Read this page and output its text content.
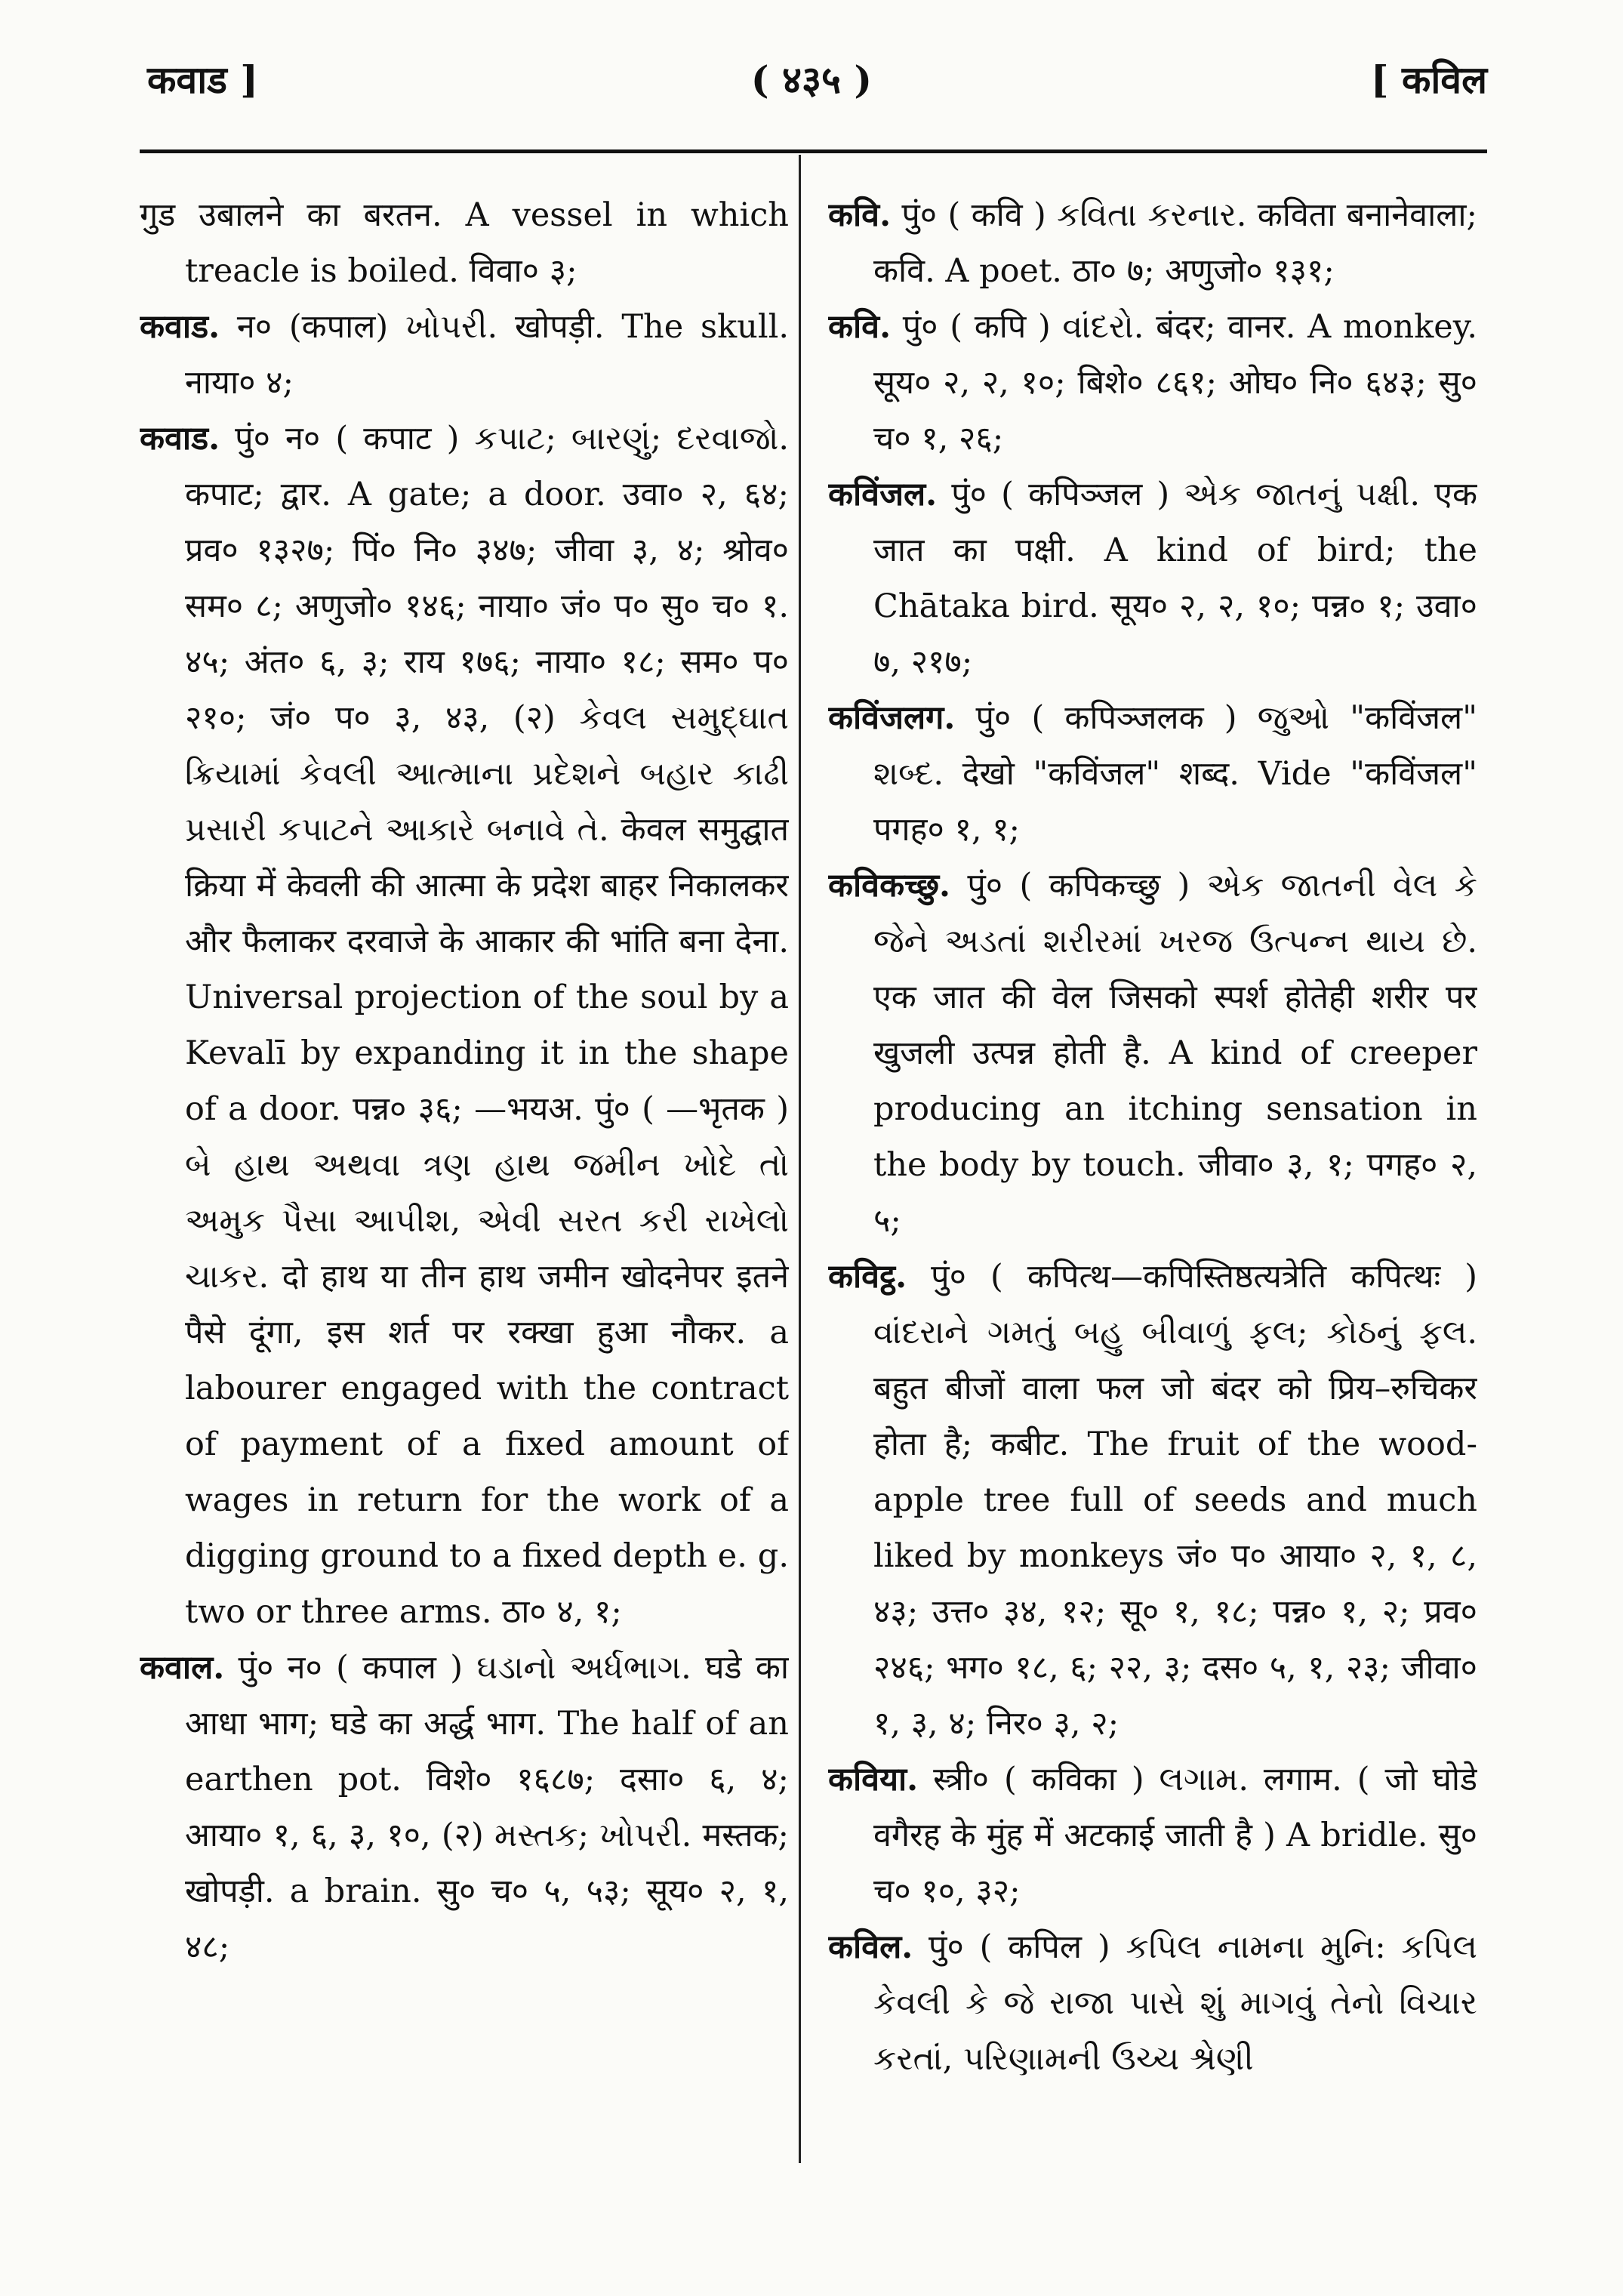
कवाड ]	( ४३५ )	[ कविल

गुड उबालने का बरतन. A vessel in which treacle is boiled. विवा० ३;

कवाड. न० (कपाल) ખોપરી. खोपड़ी. The skull. नाया० ४;

कवाड. पुं० न० ( कपाट ) કપાટ; બારણું; દરવાજો. कपाट; द्वार. A gate; a door. उवा० २, ६४; प्रव० १३२७; पिं० नि० ३४७; जीवा ३, ४; श्रोव० सम० ८; अणुजो० १४६; नाया० जं० प० सु० च० १. ४५; अंत० ६, ३; राय १७६; नाया० १८; सम० प० २१०; जं० प० ३, ४३, (२) કેવલ સમુદ્ઘાત ક્રિયામાં કેવલી આત્માના પ્રદેશને બહાર કાઢી પ્રસારી કપાટને આકારે બનાવે તે. केवल समुद्घात क्रिया में केवली की आत्मा के प्रदेश बाहर निकालकर और फैलाकर दरवाजे के आकार की भांति बना देना. Universal projection of the soul by a Kevalī by expanding it in the shape of a door. पन्न० ३६; —भयअ. पुं० ( —भृतक ) બે હાથ અથવા ત્રણ હાથ જમીન ખોદે તો અમુક પૈસા આપીશ, એવી સરત કરી રાખેલો ચાકર. दो हाथ या तीन हाथ जमीन खोदनेपर इतने पैसे दूंगा, इस शर्त पर रक्खा हुआ नौकर. a labourer engaged with the contract of payment of a fixed amount of wages in return for the work of a digging ground to a fixed depth e. g. two or three arms. ठा० ४, १;

कवाल. पुं० न० ( कपाल ) ઘડાનો અર્ધભાગ. घडे का आधा भाग; घडे का अर्द्ध भाग. The half of an earthen pot. विशे० १६८७; दसा० ६, ४; आया० १, ६, ३, १०, (२) મસ્તક; ખોપરી. मस्तक; खोपड़ी. a brain. सु० च० ५, ५३; सूय० २, १, ४८;

कवि. पुं० ( कवि ) કવિતા કરનાર. कविता बनानेवाला; कवि. A poet. ठा० ७; अणुजो० १३१;

कवि. पुं० ( कपि ) વાંદરો. बंदर; वानर. A monkey. सूय० २, २, १०; बिशे० ८६१; ओघ० नि० ६४३; सु० च० १, २६;

कविंजल. पुं० ( कपिञ्जल ) એક જાતનું પક્ષી. एक जात का पक्षी. A kind of bird; the Chātaka bird. सूय० २, २, १०; पन्न० १; उवा० ७, २१७;

कविंजलग. पुं० ( कपिञ्जलक ) જુઓ "कविंजल" શબ્દ. देखो "कविंजल" शब्द. Vide "कविंजल" पगह० १, १;

कविकच्छु. पुं० ( कपिकच्छु ) એક જાતની વેલ કે જેને અડતાં શરીરમાં ખરજ ઉત્પન્ન થાય છે. एक जात की वेल जिसको स्पर्श होतेही शरीर पर खुजली उत्पन्न होती है. A kind of creeper producing an itching sensation in the body by touch. जीवा० ३, १; पगह० २, ५;

कविट्ठ. पुं० ( कपित्थ—कपिस्तिष्ठत्यत्रेति कपित्थः ) વાંદરાને ગમતું બહુ બીવાળું ફલ; કોઠનું ફલ. बहुत बीजों वाला फल जो बंदर को प्रिय–रुचिकर होता है; कबीट. The fruit of the wood-apple tree full of seeds and much liked by monkeys जं० प० आया० २, १, ८, ४३; उत्त० ३४, १२; सू० १, १८; पन्न० १, २; प्रव० २४६; भग० १८, ६; २२, ३; दस० ५, १, २३; जीवा० १, ३, ४; निर० ३, २;

कविया. स्त्री० ( कविका ) લગામ. लगाम. ( जो घोडे वगैरह के मुंह में अटकाई जाती है ) A bridle. सु० च० १०, ३२;

कविल. पुं० ( कपिल ) કપિલ નામના મુનિ: કપિલ કેવલી કે જે રાજા પાસે શું માગવું તેનો વિચાર કરતાં, પરિણામની ઉચ્ચ શ્રેણી
